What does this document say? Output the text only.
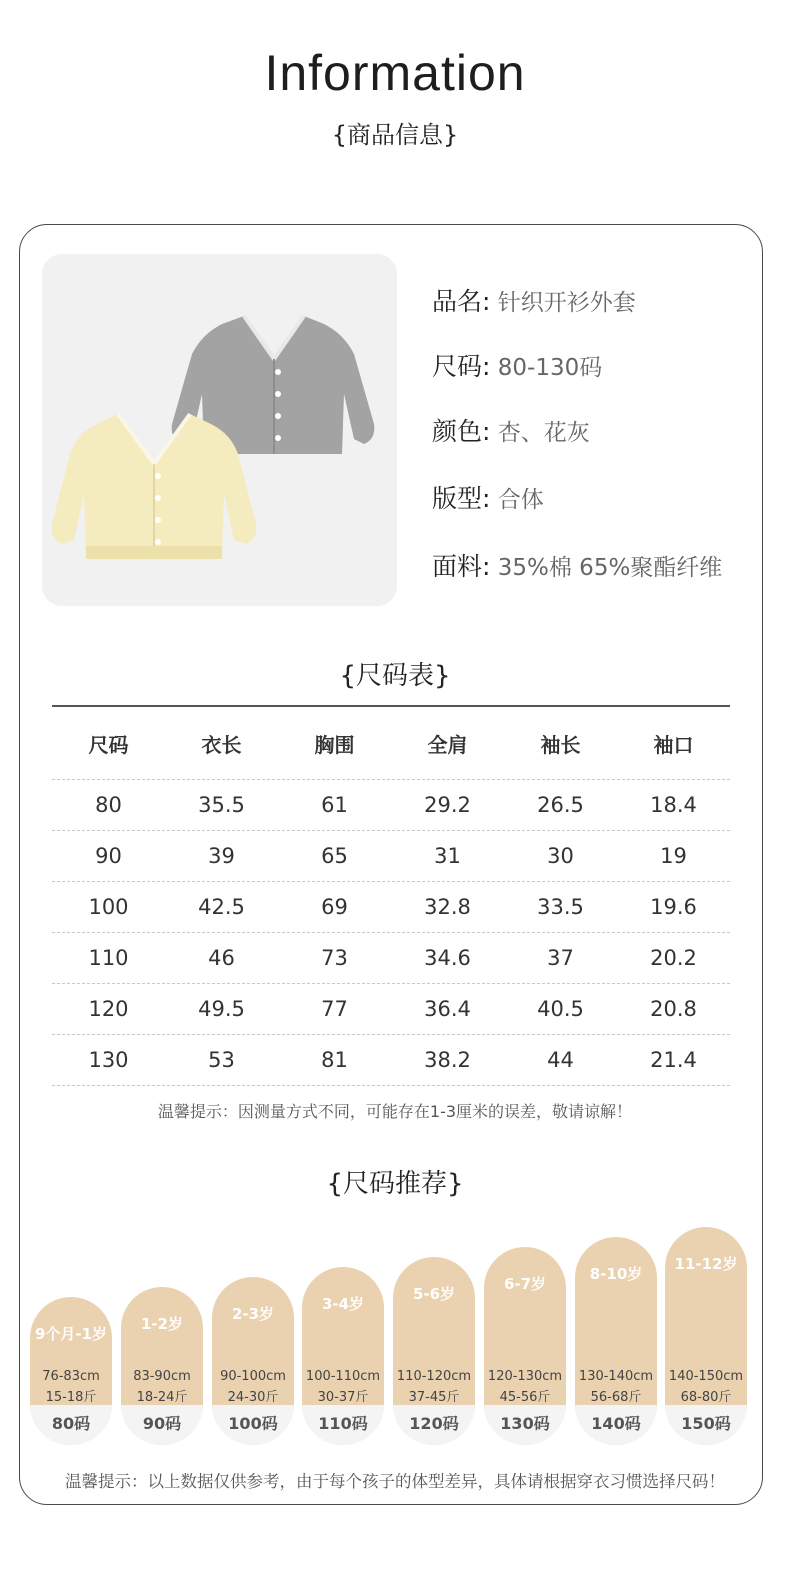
Information
{商品信息}
品名: 针织开衫外套
尺码: 80-130码
颜色: 杏、花灰
版型: 合体
面料: 35%棉 65%聚酯纤维
{尺码表}
尺码	衣长	胸围	全肩	袖长	袖口
80	35.5	61	29.2	26.5	18.4
90	39	65	31	30	19
100	42.5	69	32.8	33.5	19.6
110	46	73	34.6	37	20.2
120	49.5	77	36.4	40.5	20.8
130	53	81	38.2	44	21.4
温馨提示：因测量方式不同，可能存在1-3厘米的误差，敬请谅解！
{尺码推荐}
9个月-1岁
76-83cm
15-18斤
80码
1-2岁
83-90cm
18-24斤
90码
2-3岁
90-100cm
24-30斤
100码
3-4岁
100-110cm
30-37斤
110码
5-6岁
110-120cm
37-45斤
120码
6-7岁
120-130cm
45-56斤
130码
8-10岁
130-140cm
56-68斤
140码
11-12岁
140-150cm
68-80斤
150码
温馨提示：以上数据仅供参考，由于每个孩子的体型差异，具体请根据穿衣习惯选择尺码！
